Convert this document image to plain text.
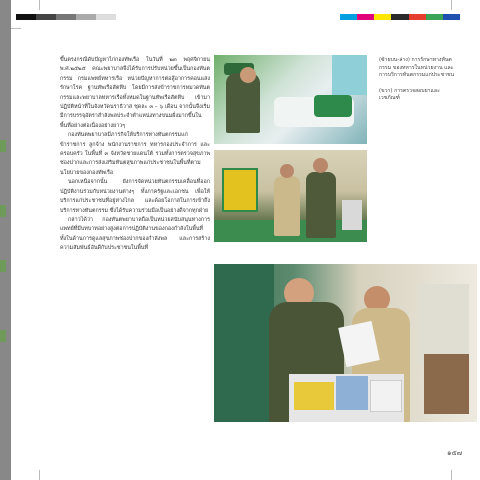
ขึ้นตรงกรณีดับปัญหาไก่กองทัพเรือ ในวันที่ ๒๓ พฤศจิกายน พ.ศ.๒๕๒๕ คณะพยาบาลจึงได้รับการปรับหน่วยขึ้นเป็นกองทันตกรรม กรมแพทย์ทหารเรือ หน่วยปัญหาการต่อสู้อาการคอนแสงรักษาโรค ฐานทัพเรือสัตหีบ โดยมีการส่งข้าราชการหมวดทันตกรรมและพยาบาลทหารเรือทั้งหมดในฐานทัพเรือสัตหีบ เข้ามาปฏิบัติหน้าที่ในจังหวัดนราธิวาส ชุดละ ๓ – ๖ เดือน จากนั้นจึงเริ่มมีการบรรจุอัตราสำลังพลประจำตำแหน่งทางขนมฝั่งมากขึ้นในพื้นที่อย่างต่อเนื่องอย่างยาวๆ

กองทันตพยาบาลมีภารกิจให้บริการทางทันตกรรมแก่ข้าราชการ ลูกจ้าง พนักงานราชการ ทหารกองประจำการ และครอบครัว ในพื้นที่ ๓ จังหวัดชายแดนใต้ รวมทั้งการตรวจสุขภาพช่องปากและการส่งเสริมทันตสุขภาพแก่ประชาชนในพื้นที่ตามนโยบายของกองทัพเรือ

นอกเหนือจากนั้น ยังการจัดหน่วยทันตกรรมเคลื่อนที่ออกปฏิบัติงานร่วมกับหน่วยงานต่างๆ ทั้งภาครัฐและเอกชน เพื่อให้บริการแก่ประชาชนที่อยู่ห่างไกล และด้อยโอกาสในการเข้าถึงบริการทางทันตกรรม ซึ่งได้รับความร่วมมือเป็นอย่างดีจากทุกฝ่าย

กล่าวได้ว่า กองทันตพยาบาลถือเป็นหน่วยสนับสนุนทางการแพทย์ที่มีบทบาทอย่างสูงต่อการปฏิบัติงานของกองกำลังในพื้นที่ ทั้งในด้านการดูแลสุขภาพช่องปากของกำลังพล และการสร้างความสัมพันธ์อันดีกับประชาชนในพื้นที่

(ซ้ายบน-ล่าง) การรักษาทางทันตกรรม ของทหารในหน่วยงาน และการบริการทันตกรรมแก่ประชาชน
(ขวา) การตรวจสอบยาและเวชภัณฑ์
๑๕๗
